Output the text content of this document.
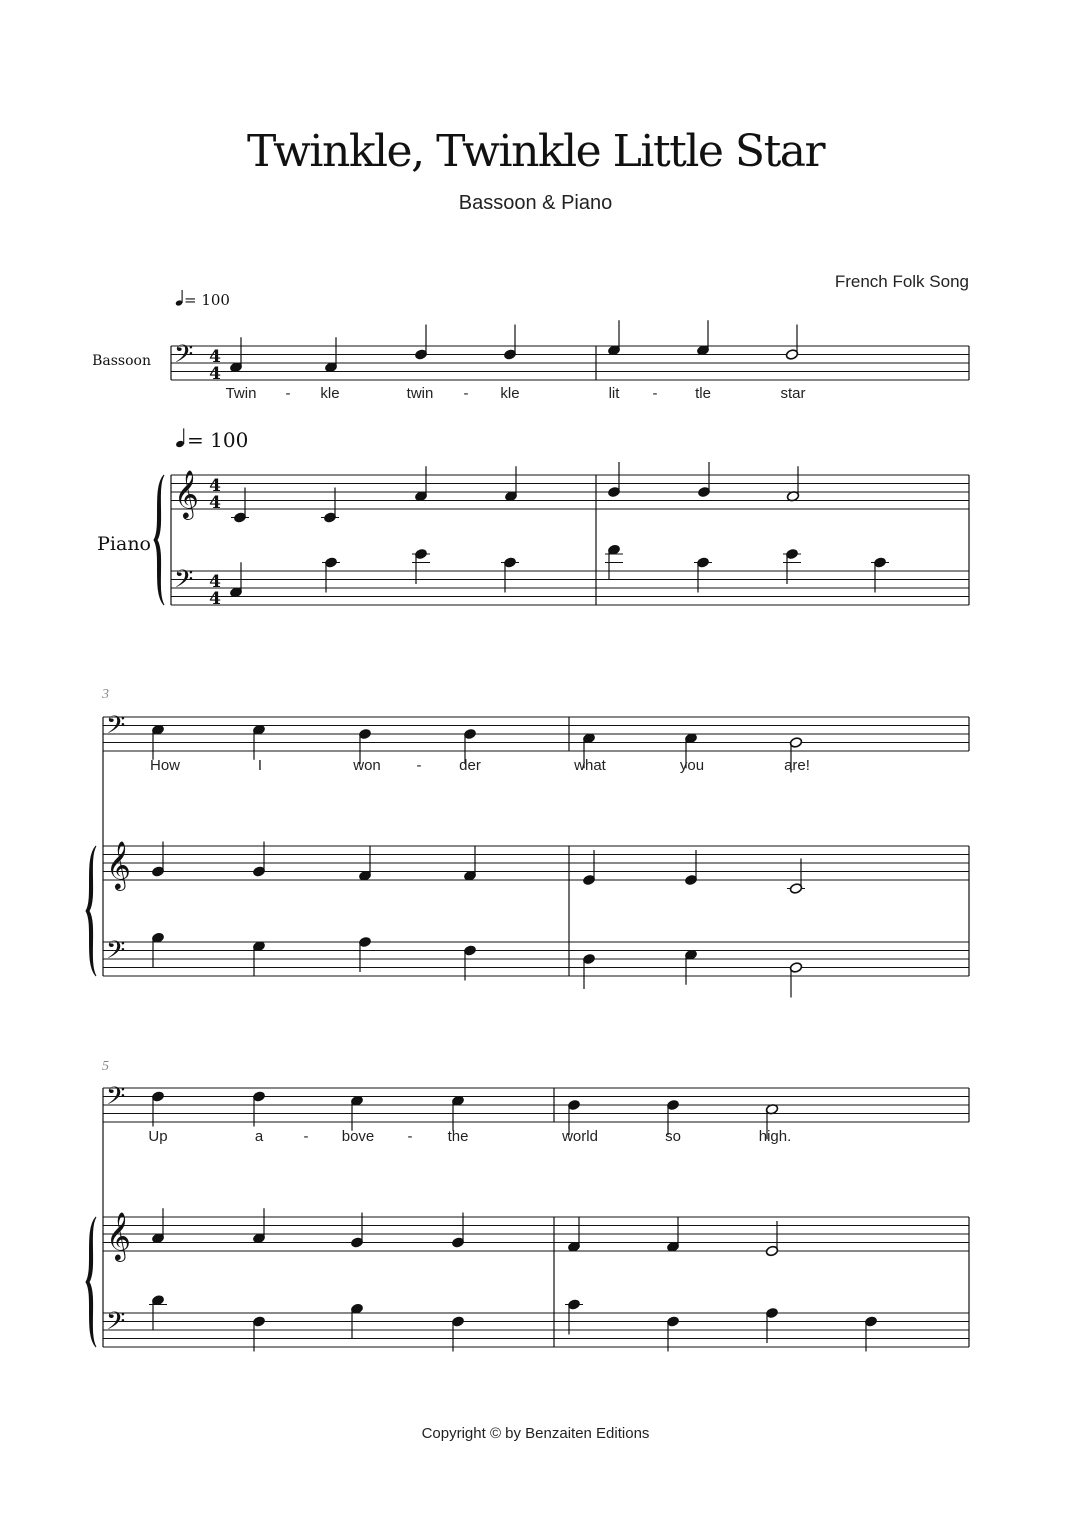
Twinkle, Twinkle Little Star
Bassoon & Piano
French Folk Song
= 100
= 100
Bassoon
Piano
3
5
𝄢
𝄞
𝄢
4
4
4
4
4
4
Twin - kle	twin - kle	lit -	tle	star
𝄢
𝄞
𝄢
How	I	won -	der	what	you	are!
𝄢
𝄞
𝄢
Up	a	- bove - the	world	so	high.
Copyright © by Benzaiten Editions
